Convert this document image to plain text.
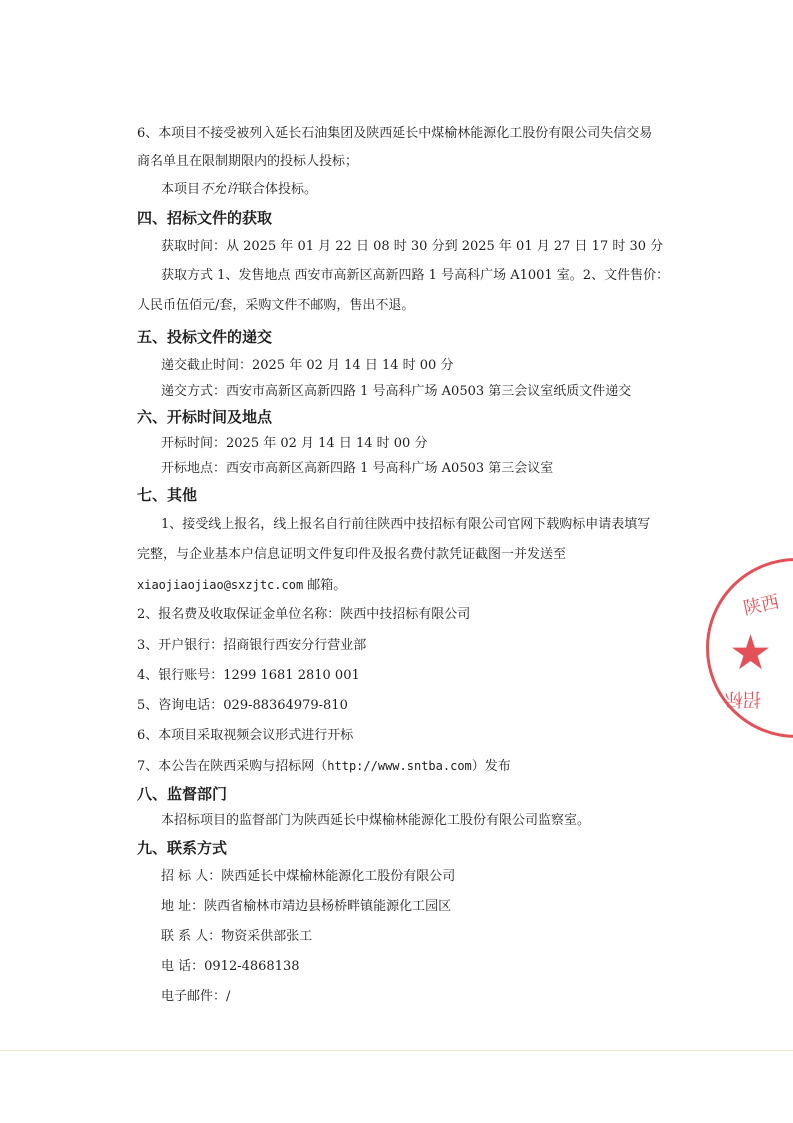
6、本项目不接受被列入延长石油集团及陕西延长中煤榆林能源化工股份有限公司失信交易
商名单且在限制期限内的投标人投标；
本项目不允许联合体投标。
四、招标文件的获取
获取时间：从 2025 年 01 月 22 日 08 时 30 分到 2025 年 01 月 27 日 17 时 30 分
获取方式 1、发售地点 西安市高新区高新四路 1 号高科广场 A1001 室。2、文件售价：
人民币伍佰元/套，采购文件不邮购，售出不退。
五、投标文件的递交
递交截止时间：2025 年 02 月 14 日 14 时 00 分
递交方式：西安市高新区高新四路 1 号高科广场 A0503 第三会议室纸质文件递交
六、开标时间及地点
开标时间：2025 年 02 月 14 日 14 时 00 分
开标地点：西安市高新区高新四路 1 号高科广场 A0503 第三会议室
七、其他
1、接受线上报名，线上报名自行前往陕西中技招标有限公司官网下载购标申请表填写
完整，与企业基本户信息证明文件复印件及报名费付款凭证截图一并发送至
xiaojiaojiao@sxzjtc.com 邮箱。
2、报名费及收取保证金单位名称：陕西中技招标有限公司
3、开户银行：招商银行西安分行营业部
4、银行账号：1299 1681 2810 001
5、咨询电话：029-88364979-810
6、本项目采取视频会议形式进行开标
7、本公告在陕西采购与招标网（http://www.sntba.com）发布
八、监督部门
本招标项目的监督部门为陕西延长中煤榆林能源化工股份有限公司监察室。
九、联系方式
招 标 人：陕西延长中煤榆林能源化工股份有限公司
地 址：陕西省榆林市靖边县杨桥畔镇能源化工园区
联 系 人：物资采供部张工
电 话：0912-4868138
电子邮件：/
陕西
★
招标
